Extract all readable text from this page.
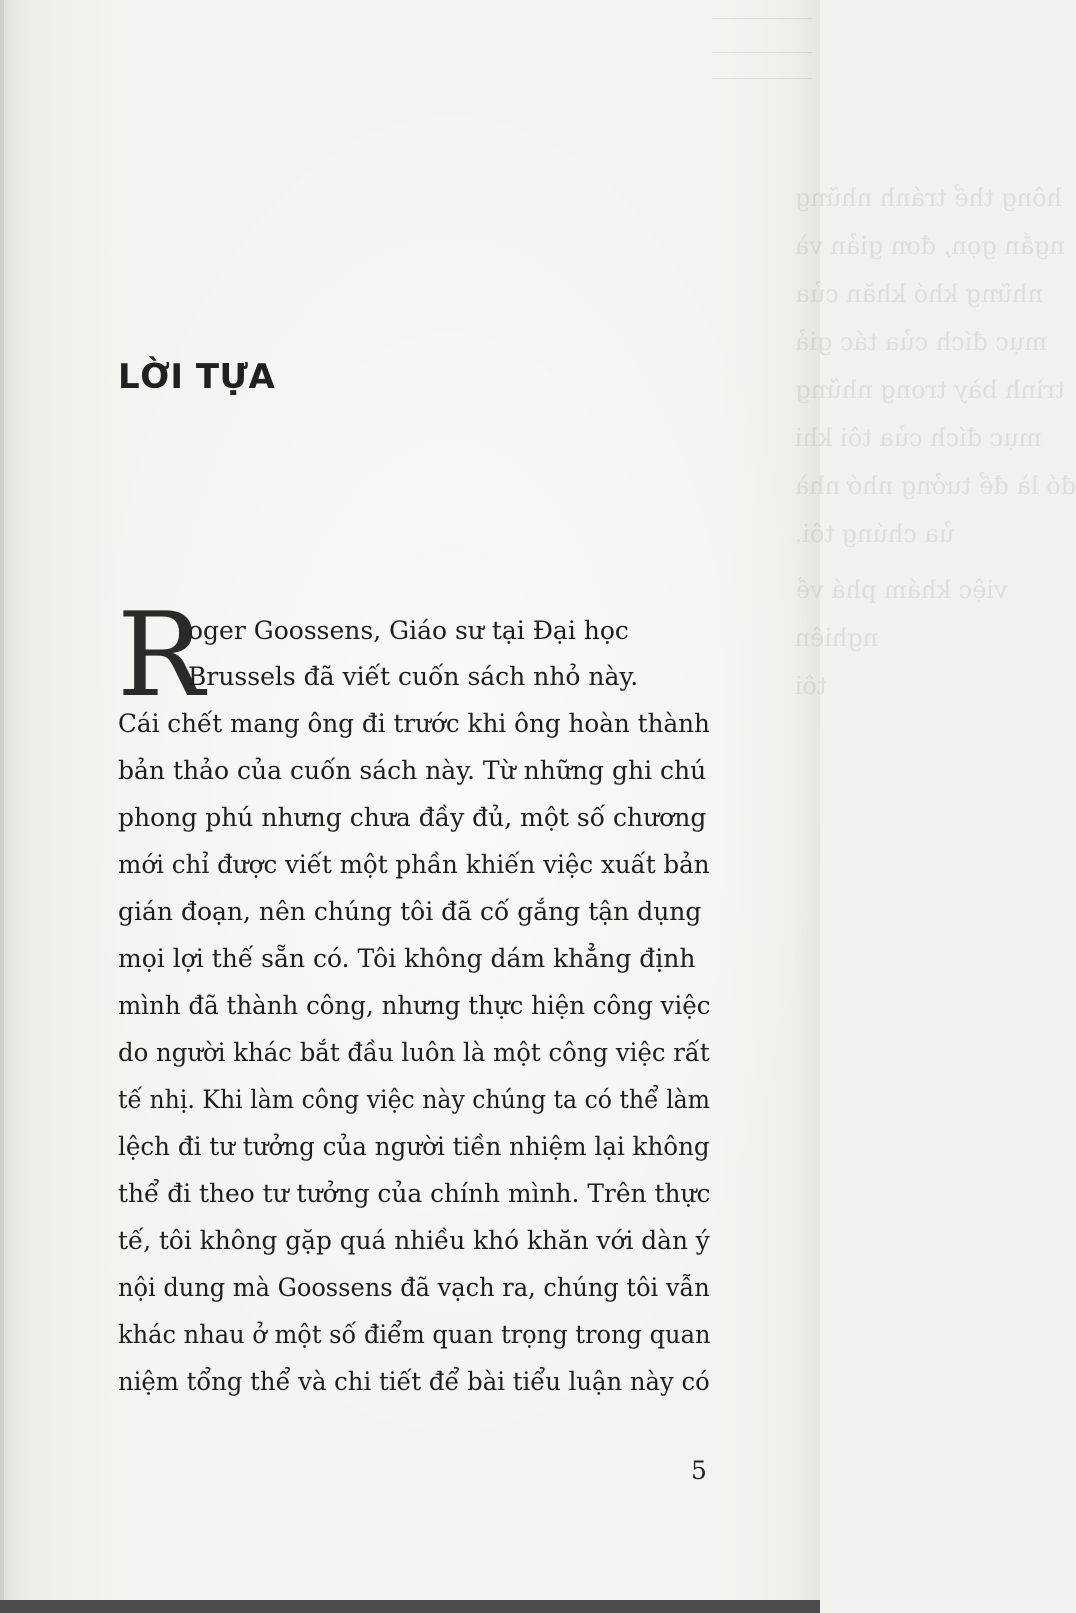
hông thể tránh những
ngắn gọn, đơn giản và
những khó khăn của
mục đích của tác giả
trình bày trong những
mục đích của tôi khi
đó là để tưởng nhớ nhà
ủa chúng tôi.
việc khám phá về
nghiên
tôi
LỜI TỰA
R
oger Goossens, Giáo sư tại Đại học
Brussels đã viết cuốn sách nhỏ này.
Cái chết mang ông đi trước khi ông hoàn thành
bản thảo của cuốn sách này. Từ những ghi chú
phong phú nhưng chưa đầy đủ, một số chương
mới chỉ được viết một phần khiến việc xuất bản
gián đoạn, nên chúng tôi đã cố gắng tận dụng
mọi lợi thế sẵn có. Tôi không dám khẳng định
mình đã thành công, nhưng thực hiện công việc
do người khác bắt đầu luôn là một công việc rất
tế nhị. Khi làm công việc này chúng ta có thể làm
lệch đi tư tưởng của người tiền nhiệm lại không
thể đi theo tư tưởng của chính mình. Trên thực
tế, tôi không gặp quá nhiều khó khăn với dàn ý
nội dung mà Goossens đã vạch ra, chúng tôi vẫn
khác nhau ở một số điểm quan trọng trong quan
niệm tổng thể và chi tiết để bài tiểu luận này có
5
